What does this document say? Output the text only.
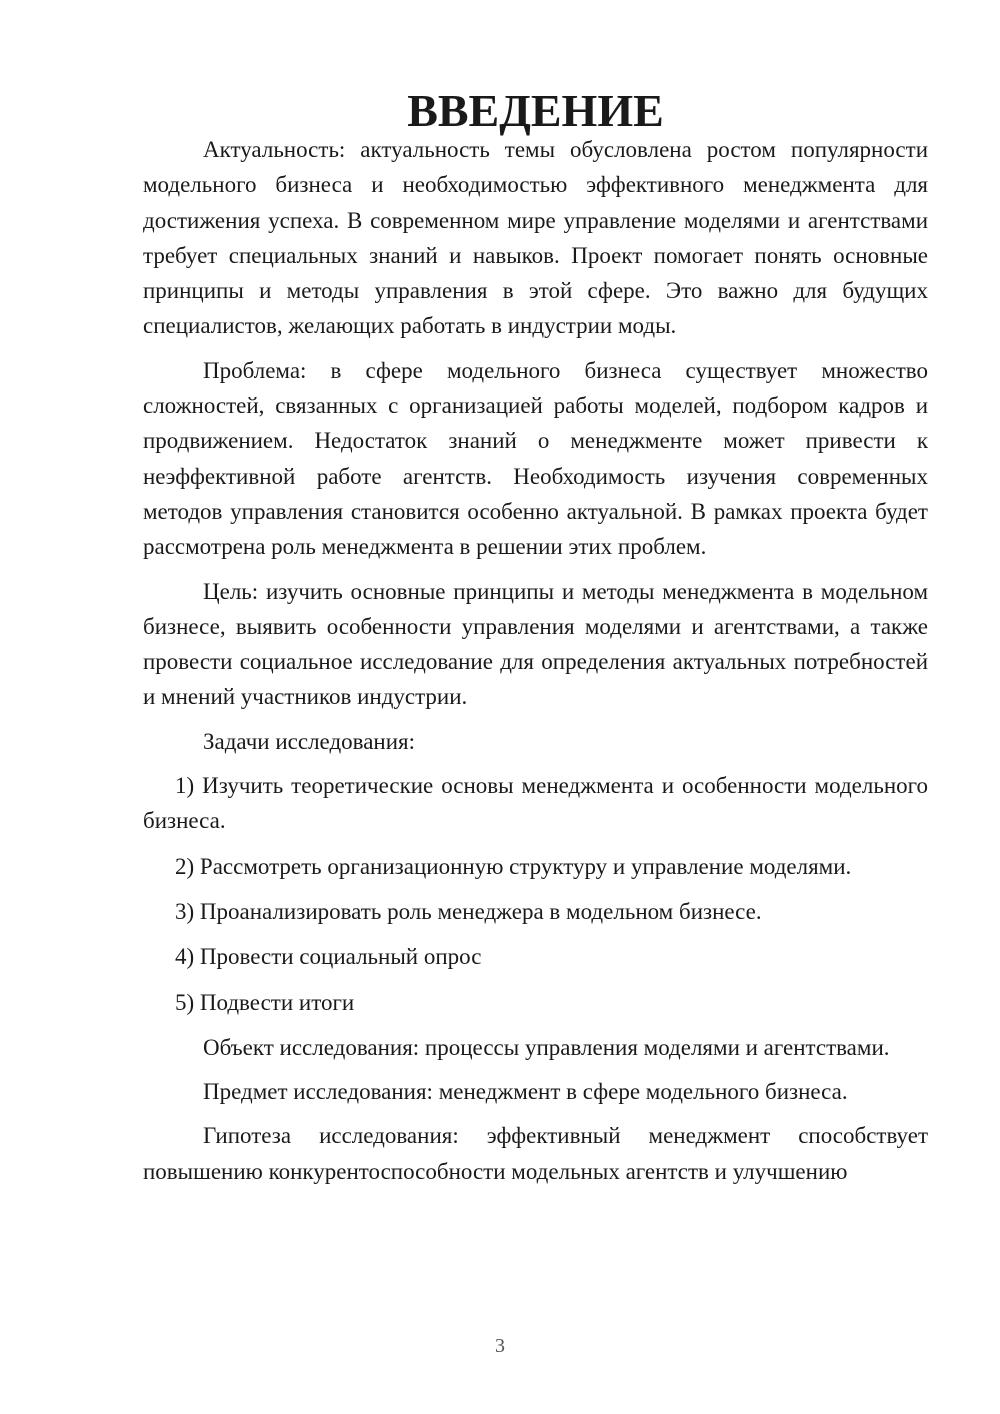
ВВЕДЕНИЕ

Актуальность: актуальность темы обусловлена ростом популярности модельного бизнеса и необходимостью эффективного менеджмента для достижения успеха. В современном мире управление моделями и агентствами требует специальных знаний и навыков. Проект помогает понять основные принципы и методы управления в этой сфере. Это важно для будущих специалистов, желающих работать в индустрии моды.

Проблема: в сфере модельного бизнеса существует множество сложностей, связанных с организацией работы моделей, подбором кадров и продвижением. Недостаток знаний о менеджменте может привести к неэффективной работе агентств. Необходимость изучения современных методов управления становится особенно актуальной. В рамках проекта будет рассмотрена роль менеджмента в решении этих проблем.

Цель: изучить основные принципы и методы менеджмента в модельном бизнесе, выявить особенности управления моделями и агентствами, а также провести социальное исследование для определения актуальных потребностей и мнений участников индустрии.

Задачи исследования:

1) Изучить теоретические основы менеджмента и особенности модельного бизнеса.
2) Рассмотреть организационную структуру и управление моделями.
3) Проанализировать роль менеджера в модельном бизнесе.
4) Провести социальный опрос
5) Подвести итоги

Объект исследования: процессы управления моделями и агентствами.

Предмет исследования: менеджмент в сфере модельного бизнеса.

Гипотеза исследования: эффективный менеджмент способствует повышению конкурентоспособности модельных агентств и улучшению

3
